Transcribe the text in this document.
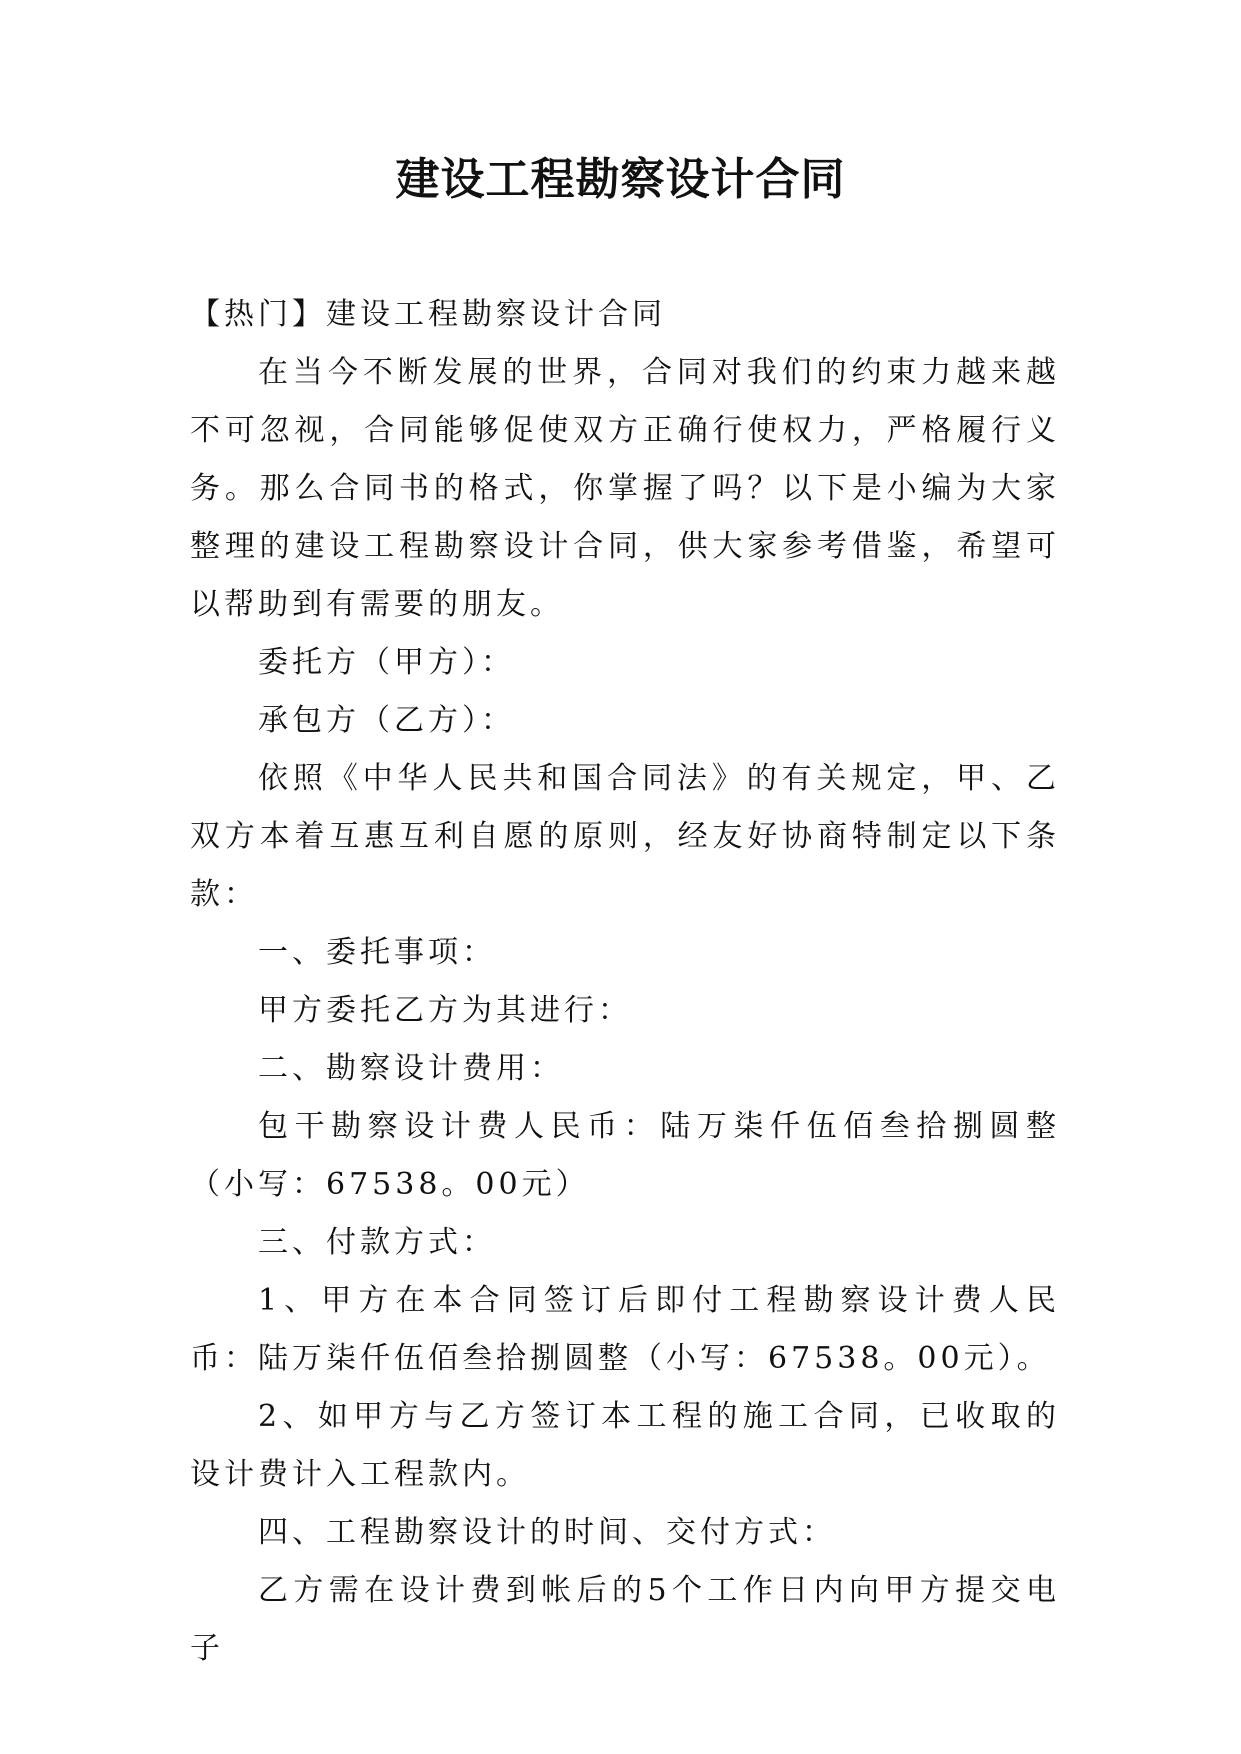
建设工程勘察设计合同

【热门】建设工程勘察设计合同

在当今不断发展的世界，合同对我们的约束力越来越不可忽视，合同能够促使双方正确行使权力，严格履行义务。那么合同书的格式，你掌握了吗？以下是小编为大家整理的建设工程勘察设计合同，供大家参考借鉴，希望可以帮助到有需要的朋友。

委托方（甲方）：

承包方（乙方）：

依照《中华人民共和国合同法》的有关规定，甲、乙双方本着互惠互利自愿的原则，经友好协商特制定以下条款：

一、委托事项：

甲方委托乙方为其进行：

二、勘察设计费用：

包干勘察设计费人民币：陆万柒仟伍佰叁拾捌圆整（小写：67538。00元）

三、付款方式：

1、甲方在本合同签订后即付工程勘察设计费人民币：陆万柒仟伍佰叁拾捌圆整（小写：67538。00元）。

2、如甲方与乙方签订本工程的施工合同，已收取的设计费计入工程款内。

四、工程勘察设计的时间、交付方式：

乙方需在设计费到帐后的5个工作日内向甲方提交电子
